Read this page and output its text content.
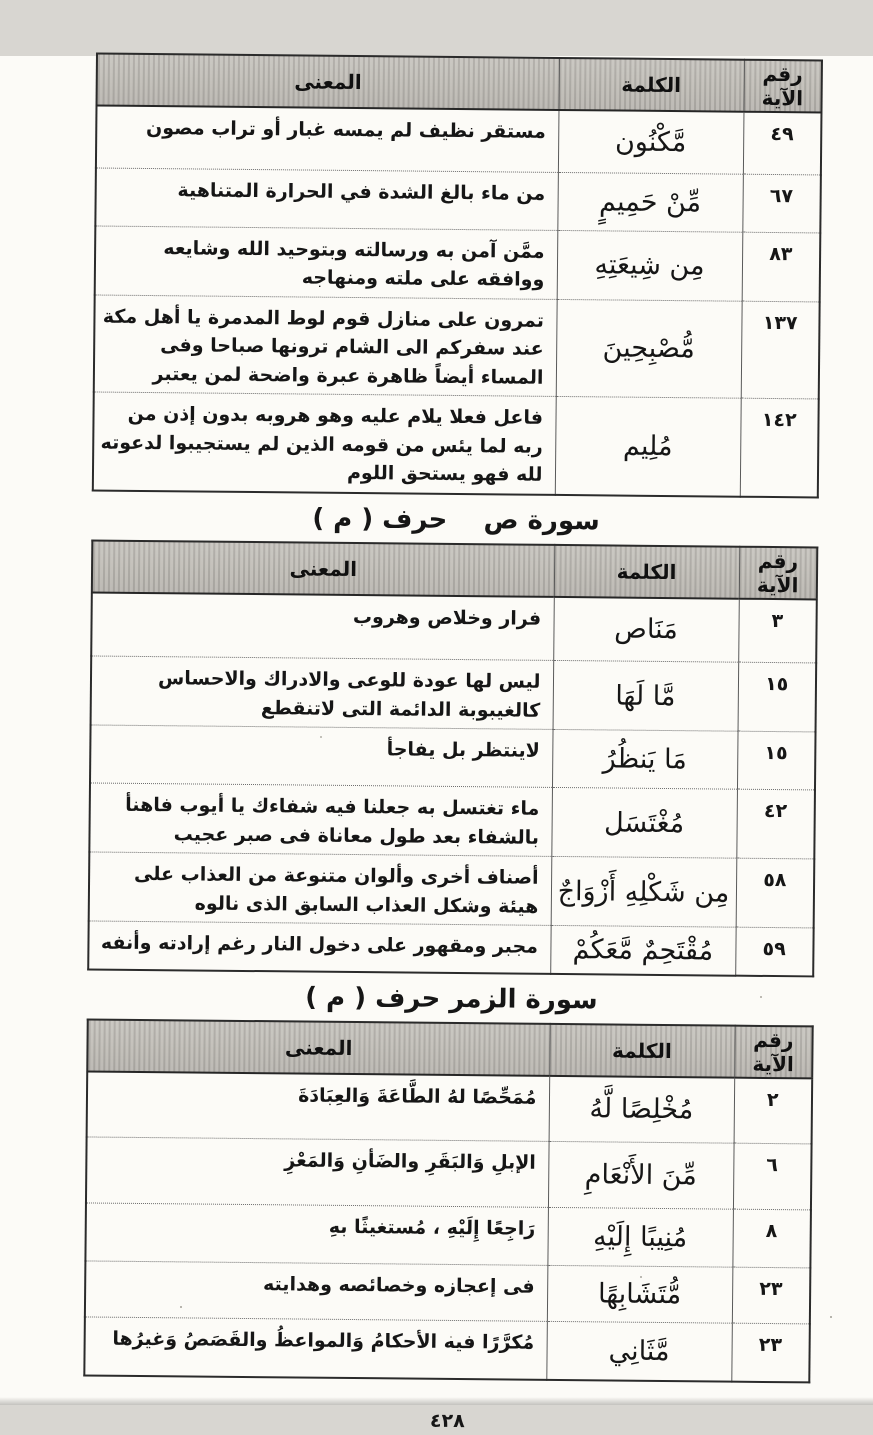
رقم الآية	الكلمة	المعنى
٤٩	مَّكْنُون	مستقر نظيف لم يمسه غبار أو تراب مصون
٦٧	مِّنْ حَمِيمٍ	من ماء بالغ الشدة في الحرارة المتناهية
٨٣	مِن شِيعَتِهِ	ممَّن آمن به ورسالته وبتوحيد الله وشايعه ووافقه على ملته ومنهاجه
١٣٧	مُّصْبِحِينَ	تمرون على منازل قوم لوط المدمرة يا أهل مكة عند سفركم الى الشام ترونها صباحا وفى المساء أيضاً ظاهرة عبرة واضحة لمن يعتبر
١٤٢	مُلِيم	فاعل فعلا يلام عليه وهو هروبه بدون إذن من ربه لما يئس من قومه الذين لم يستجيبوا لدعوته لله فهو يستحق اللوم
سورة ص    حرف ( م )
رقم الآية	الكلمة	المعنى
٣	مَنَاص	فرار وخلاص وهروب
١٥	مَّا لَهَا	ليس لها عودة للوعى والادراك والاحساس كالغيبوبة الدائمة التى لاتنقطع
١٥	مَا يَنظُرُ	لاينتظر بل يفاجأ
٤٢	مُغْتَسَل	ماء تغتسل به جعلنا فيه شفاءك يا أيوب فاهنأ بالشفاء بعد طول معاناة فى صبر عجيب
٥٨	مِن شَكْلِهِ أَزْوَاجٌ	أصناف أخرى وألوان متنوعة من العذاب على هيئة وشكل العذاب السابق الذى نالوه
٥٩	مُقْتَحِمٌ مَّعَكُمْ	مجبر ومقهور على دخول النار رغم إرادته وأنفه
سورة الزمر حرف ( م )
رقم الآية	الكلمة	المعنى
٢	مُخْلِصًا لَّهُ	مُمَحِّصًا لهُ الطَّاعَةَ وَالعِبَادَةَ
٦	مِّنَ الأَنْعَامِ	الإبلِ وَالبَقَرِ والضَأنِ وَالمَعْزِ
٨	مُنِيبًا إِلَيْهِ	رَاجِعًا إِلَيْهِ ، مُستغيثًا بهِ
٢٣	مُّتَشَابِهًا	فى إعجازه وخصائصه وهدايته
٢٣	مَّثَانِي	مُكرَّرًا فيه الأحكامُ وَالمواعظُ والقَصَصُ وَغيرُها
٤٢٨
